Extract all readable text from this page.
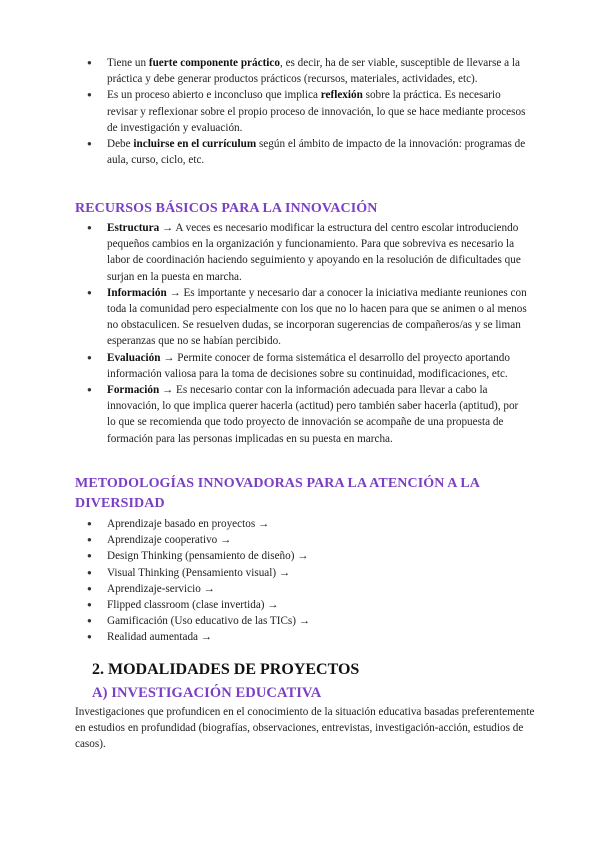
● Tiene un fuerte componente práctico, es decir, ha de ser viable, susceptible de llevarse a la práctica y debe generar productos prácticos (recursos, materiales, actividades, etc).
● Es un proceso abierto e inconcluso que implica reflexión sobre la práctica. Es necesario revisar y reflexionar sobre el propio proceso de innovación, lo que se hace mediante procesos de investigación y evaluación.
● Debe incluirse en el currículum según el ámbito de impacto de la innovación: programas de aula, curso, ciclo, etc.
RECURSOS BÁSICOS PARA LA INNOVACIÓN
● Estructura → A veces es necesario modificar la estructura del centro escolar introduciendo pequeños cambios en la organización y funcionamiento. Para que sobreviva es necesario la labor de coordinación haciendo seguimiento y apoyando en la resolución de dificultades que surjan en la puesta en marcha.
● Información → Es importante y necesario dar a conocer la iniciativa mediante reuniones con toda la comunidad pero especialmente con los que no lo hacen para que se animen o al menos no obstaculicen. Se resuelven dudas, se incorporan sugerencias de compañeros/as y se liman esperanzas que no se habían percibido.
● Evaluación → Permite conocer de forma sistemática el desarrollo del proyecto aportando información valiosa para la toma de decisiones sobre su continuidad, modificaciones, etc.
● Formación → Es necesario contar con la información adecuada para llevar a cabo la innovación, lo que implica querer hacerla (actitud) pero también saber hacerla (aptitud), por lo que se recomienda que todo proyecto de innovación se acompañe de una propuesta de formación para las personas implicadas en su puesta en marcha.
METODOLOGÍAS INNOVADORAS PARA LA ATENCIÓN A LA
DIVERSIDAD
● Aprendizaje basado en proyectos →
● Aprendizaje cooperativo →
● Design Thinking (pensamiento de diseño) →
● Visual Thinking (Pensamiento visual) →
● Aprendizaje-servicio →
● Flipped classroom (clase invertida) →
● Gamificación (Uso educativo de las TICs) →
● Realidad aumentada →
2. MODALIDADES DE PROYECTOS
A) INVESTIGACIÓN EDUCATIVA
Investigaciones que profundicen en el conocimiento de la situación educativa basadas preferentemente en estudios en profundidad (biografías, observaciones, entrevistas, investigación-acción, estudios de casos).
